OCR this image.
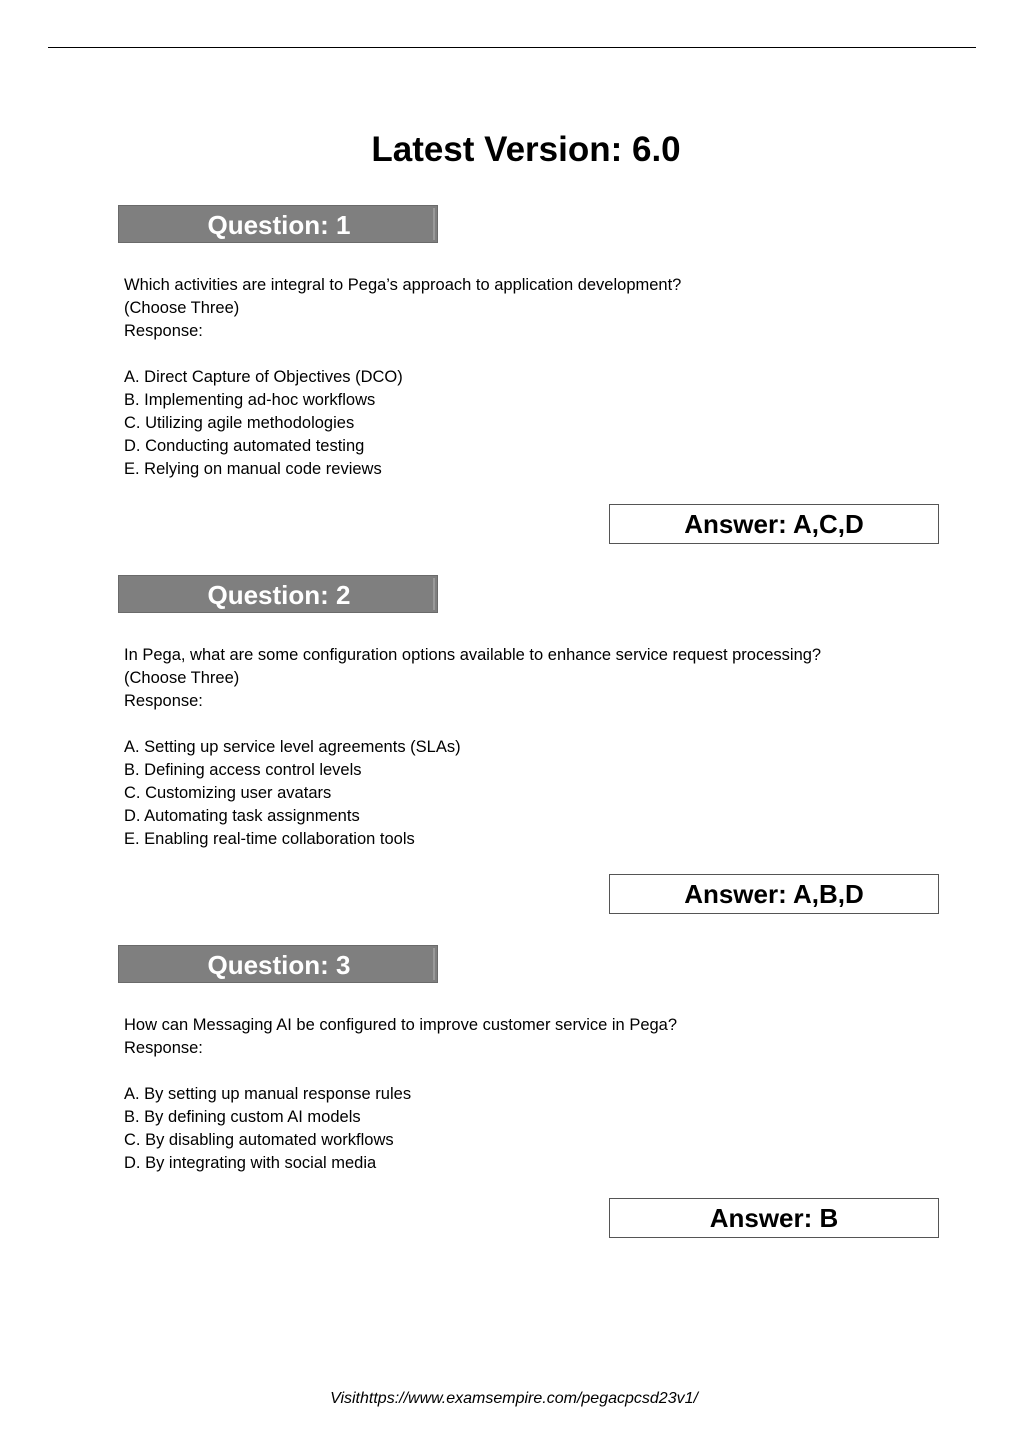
Latest Version: 6.0
Question: 1
Which activities are integral to Pega’s approach to application development?
(Choose Three)
Response:
A. Direct Capture of Objectives (DCO)
B. Implementing ad-hoc workflows
C. Utilizing agile methodologies
D. Conducting automated testing
E. Relying on manual code reviews
Answer: A,C,D
Question: 2
In Pega, what are some configuration options available to enhance service request processing?
(Choose Three)
Response:
A. Setting up service level agreements (SLAs)
B. Defining access control levels
C. Customizing user avatars
D. Automating task assignments
E. Enabling real-time collaboration tools
Answer: A,B,D
Question: 3
How can Messaging AI be configured to improve customer service in Pega?
Response:
A. By setting up manual response rules
B. By defining custom AI models
C. By disabling automated workflows
D. By integrating with social media
Answer: B
Visithttps://www.examsempire.com/pegacpcsd23v1/
